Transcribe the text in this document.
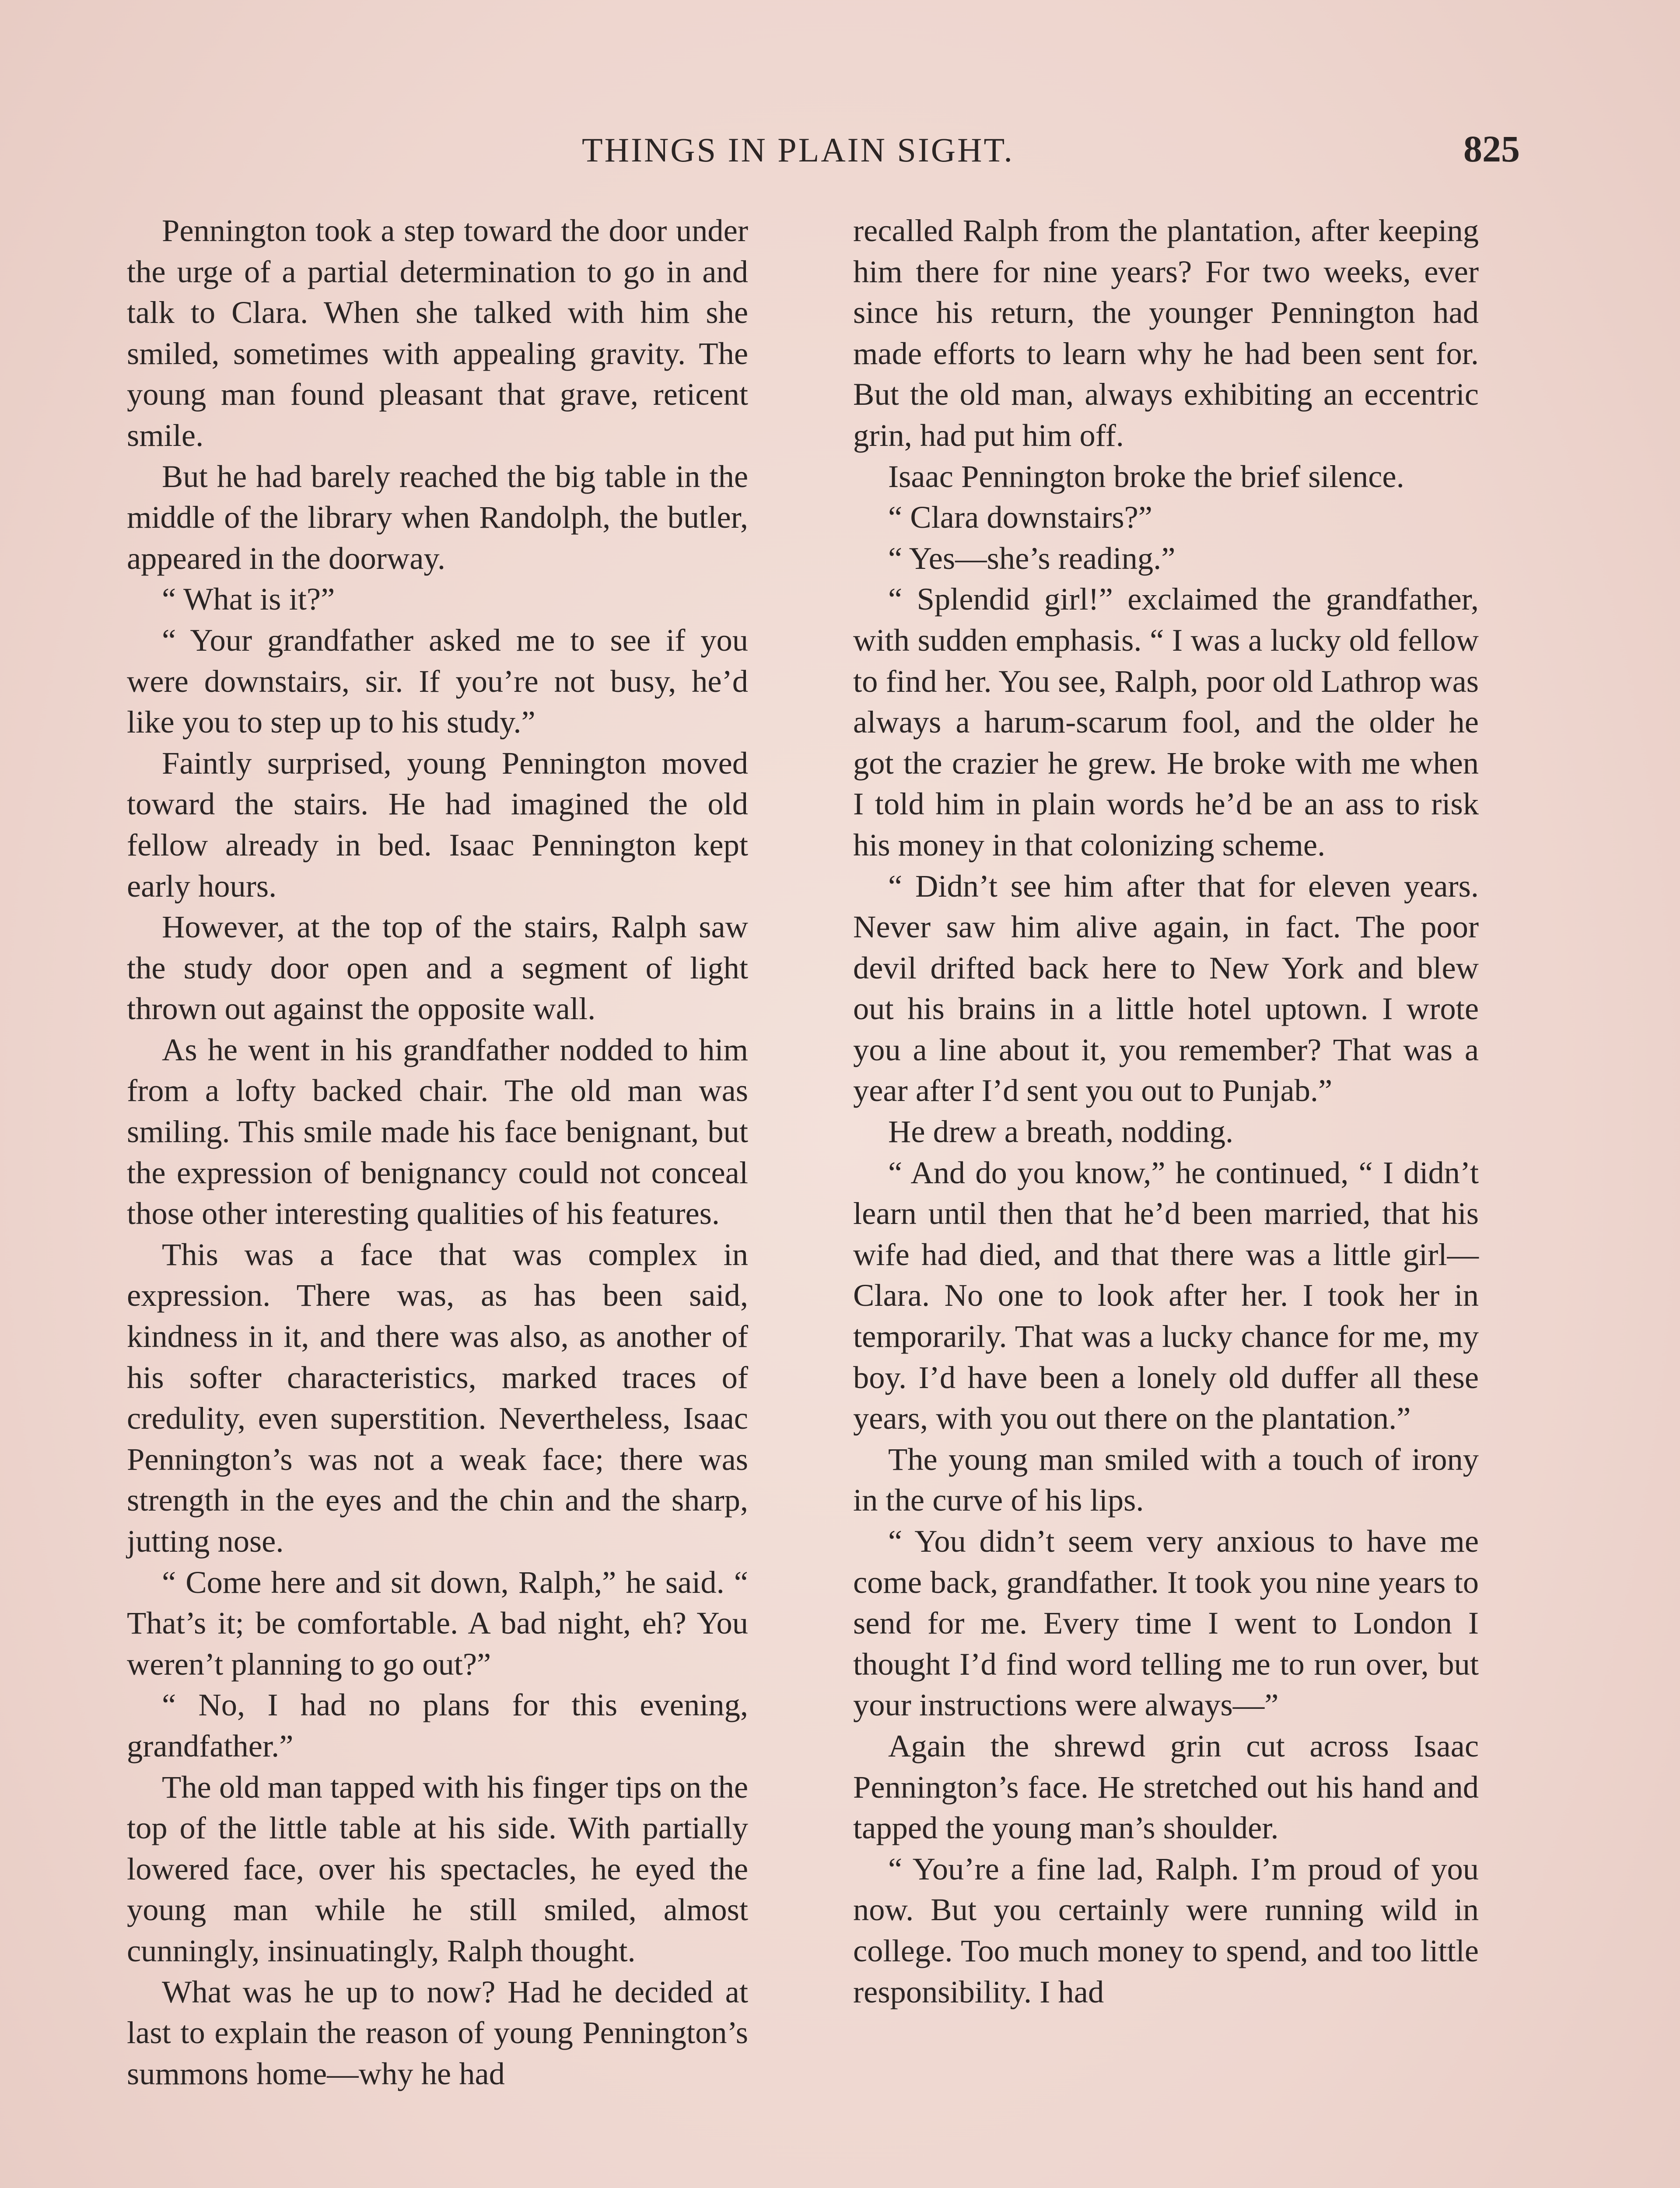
THINGS IN PLAIN SIGHT.	825

Pennington took a step toward the door under the urge of a partial determination to go in and talk to Clara. When she talked with him she smiled, sometimes with appealing gravity. The young man found pleasant that grave, reticent smile.

But he had barely reached the big table in the middle of the library when Randolph, the butler, appeared in the doorway.

“ What is it?”

“ Your grandfather asked me to see if you were downstairs, sir. If you’re not busy, he’d like you to step up to his study.”

Faintly surprised, young Pennington moved toward the stairs. He had imagined the old fellow already in bed. Isaac Pennington kept early hours.

However, at the top of the stairs, Ralph saw the study door open and a segment of light thrown out against the opposite wall.

As he went in his grandfather nodded to him from a lofty backed chair. The old man was smiling. This smile made his face benignant, but the expression of benignancy could not conceal those other interesting qualities of his features.

This was a face that was complex in expression. There was, as has been said, kindness in it, and there was also, as another of his softer characteristics, marked traces of credulity, even superstition. Nevertheless, Isaac Pennington’s was not a weak face; there was strength in the eyes and the chin and the sharp, jutting nose.

“ Come here and sit down, Ralph,” he said. “ That’s it; be comfortable. A bad night, eh? You weren’t planning to go out?”

“ No, I had no plans for this evening, grandfather.”

The old man tapped with his finger tips on the top of the little table at his side. With partially lowered face, over his spectacles, he eyed the young man while he still smiled, almost cunningly, insinuatingly, Ralph thought.

What was he up to now? Had he decided at last to explain the reason of young Pennington’s summons home—why he had

recalled Ralph from the plantation, after keeping him there for nine years? For two weeks, ever since his return, the younger Pennington had made efforts to learn why he had been sent for. But the old man, always exhibiting an eccentric grin, had put him off.

Isaac Pennington broke the brief silence.

“ Clara downstairs?”

“ Yes—she’s reading.”

“ Splendid girl!” exclaimed the grandfather, with sudden emphasis. “ I was a lucky old fellow to find her. You see, Ralph, poor old Lathrop was always a harum-scarum fool, and the older he got the crazier he grew. He broke with me when I told him in plain words he’d be an ass to risk his money in that colonizing scheme.

“ Didn’t see him after that for eleven years. Never saw him alive again, in fact. The poor devil drifted back here to New York and blew out his brains in a little hotel uptown. I wrote you a line about it, you remember? That was a year after I’d sent you out to Punjab.”

He drew a breath, nodding.

“ And do you know,” he continued, “ I didn’t learn until then that he’d been married, that his wife had died, and that there was a little girl—Clara. No one to look after her. I took her in temporarily. That was a lucky chance for me, my boy. I’d have been a lonely old duffer all these years, with you out there on the plantation.”

The young man smiled with a touch of irony in the curve of his lips.

“ You didn’t seem very anxious to have me come back, grandfather. It took you nine years to send for me. Every time I went to London I thought I’d find word telling me to run over, but your instructions were always—”

Again the shrewd grin cut across Isaac Pennington’s face. He stretched out his hand and tapped the young man’s shoulder.

“ You’re a fine lad, Ralph. I’m proud of you now. But you certainly were running wild in college. Too much money to spend, and too little responsibility. I had
